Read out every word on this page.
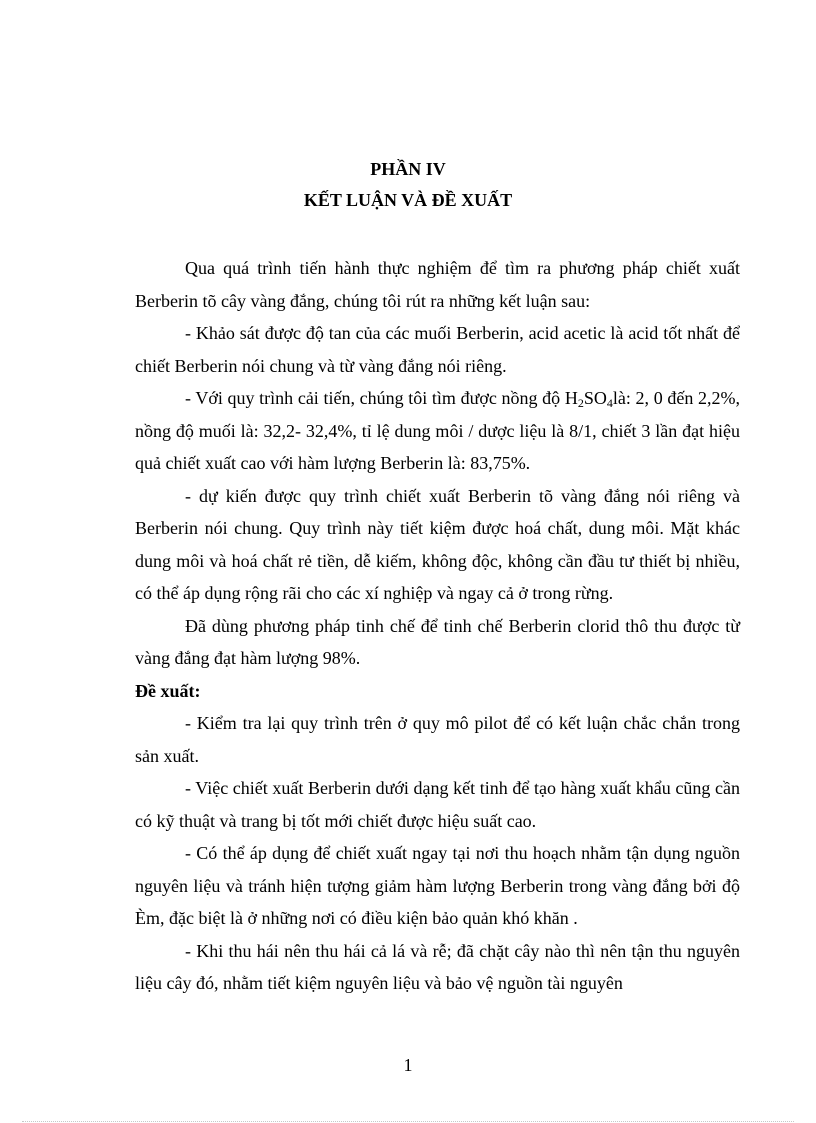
PHẦN IV
KẾT LUẬN VÀ ĐỀ XUẤT

Qua quá trình tiến hành thực nghiệm để tìm ra phương pháp chiết xuất Berberin tõ cây vàng đắng, chúng tôi rút ra những kết luận sau:

- Khảo sát được độ tan của các muối Berberin, acid acetic là acid tốt nhất để chiết Berberin nói chung và từ vàng đắng nói riêng.

- Với quy trình cải tiến, chúng tôi tìm được nồng độ $H_2SO_4là$: 2, 0 đến 2,2%, nồng độ muối là: 32,2- 32,4%, tỉ lệ dung môi / dược liệu là 8/1, chiết 3 lần đạt hiệu quả chiết xuất cao với hàm lượng Berberin là: 83,75%.

- dự kiến được quy trình chiết xuất Berberin tõ vàng đắng nói riêng và Berberin nói chung. Quy trình này tiết kiệm được hoá chất, dung môi. Mặt khác dung môi và hoá chất rẻ tiền, dễ kiếm, không độc, không cần đầu tư thiết bị nhiều, có thể áp dụng rộng rãi cho các xí nghiệp và ngay cả ở trong rừng.

Đã dùng phương pháp tinh chế để tinh chế Berberin clorid thô thu được từ vàng đắng đạt hàm lượng 98%.

Đề xuất:

- Kiểm tra lại quy trình trên ở quy mô pilot để có kết luận chắc chắn trong sản xuất.

- Việc chiết xuất Berberin dưới dạng kết tinh để tạo hàng xuất khẩu cũng cần có kỹ thuật và trang bị tốt mới chiết được hiệu suất cao.

- Có thể áp dụng để chiết xuất ngay tại nơi thu hoạch nhằm tận dụng nguồn nguyên liệu và tránh hiện tượng giảm hàm lượng Berberin trong vàng đắng bởi độ Èm, đặc biệt là ở những nơi có điều kiện bảo quản khó khăn .

- Khi thu hái nên thu hái cả lá và rễ; đã chặt cây nào thì nên tận thu nguyên liệu cây đó, nhằm tiết kiệm nguyên liệu và bảo vệ nguồn tài nguyên

1
